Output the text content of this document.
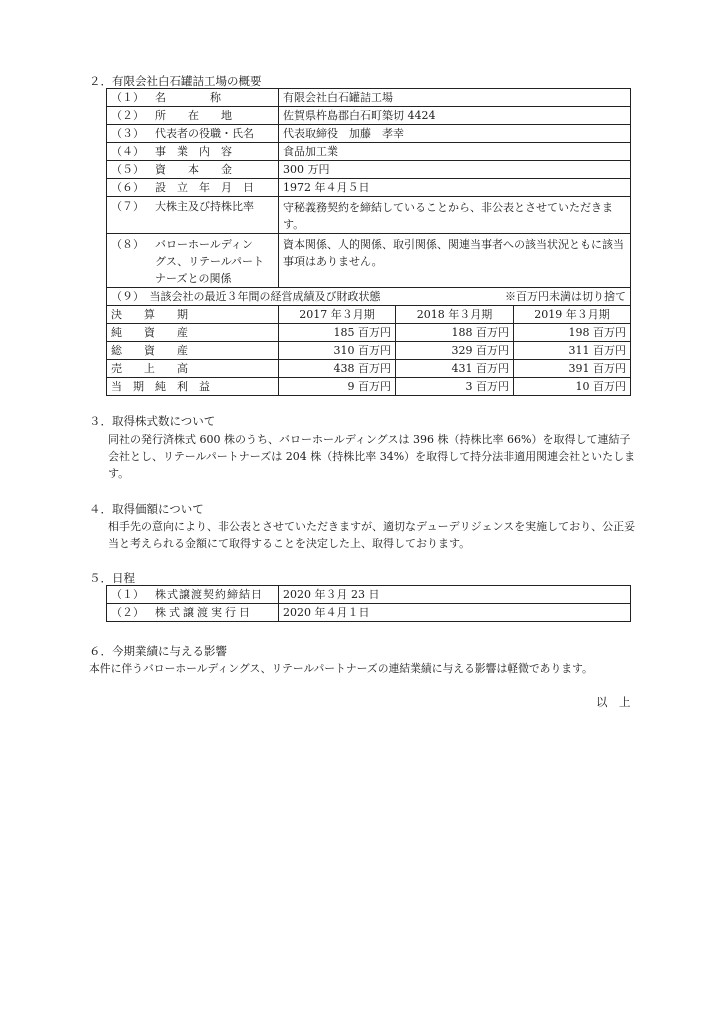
２．有限会社白石罐詰工場の概要
（１） 名　　　　称	有限会社白石罐詰工場

（２） 所　　在　　地	佐賀県杵島郡白石町築切 4424

（３） 代表者の役職・氏名	代表取締役　加藤　孝幸

（４） 事　業　内　容	食品加工業

（５） 資　　本　　金	300 万円

（６） 設　立　年　月　日	1972 年４月５日

（７） 大株主及び持株比率	守秘義務契約を締結していることから、非公表とさせていただきます。

（８） バローホールディン
グス、リテールパート
ナーズとの関係	資本関係、人的関係、取引関係、関連当事者への該当状況ともに該当事項はありません。
（９）　当該会社の最近３年間の経営成績及び財政状態 ※百万円未満は切り捨て			

決　　算　　期	2017 年３月期	2018 年３月期	2019 年３月期
純　　資　　産	185 百万円	188 百万円	198 百万円
総　　資　　産	310 百万円	329 百万円	311 百万円
売　　上　　高	438 百万円	431 百万円	391 百万円
当　期　純　利　益	9 百万円	3 百万円	10 百万円
３．取得株式数について
同社の発行済株式 600 株のうち、バローホールディングスは 396 株（持株比率 66%）を取得して連結子会社とし、リテールパートナーズは 204 株（持株比率 34%）を取得して持分法非適用関連会社といたします。
４．取得価額について
相手先の意向により、非公表とさせていただきますが、適切なデューデリジェンスを実施しており、公正妥当と考えられる金額にて取得することを決定した上、取得しております。
５．日程
（１） 株式譲渡契約締結日	2020 年３月 23 日

（２） 株式譲渡実行日	2020 年４月１日
６．今期業績に与える影響
本件に伴うバローホールディングス、リテールパートナーズの連結業績に与える影響は軽微であります。
以　上
